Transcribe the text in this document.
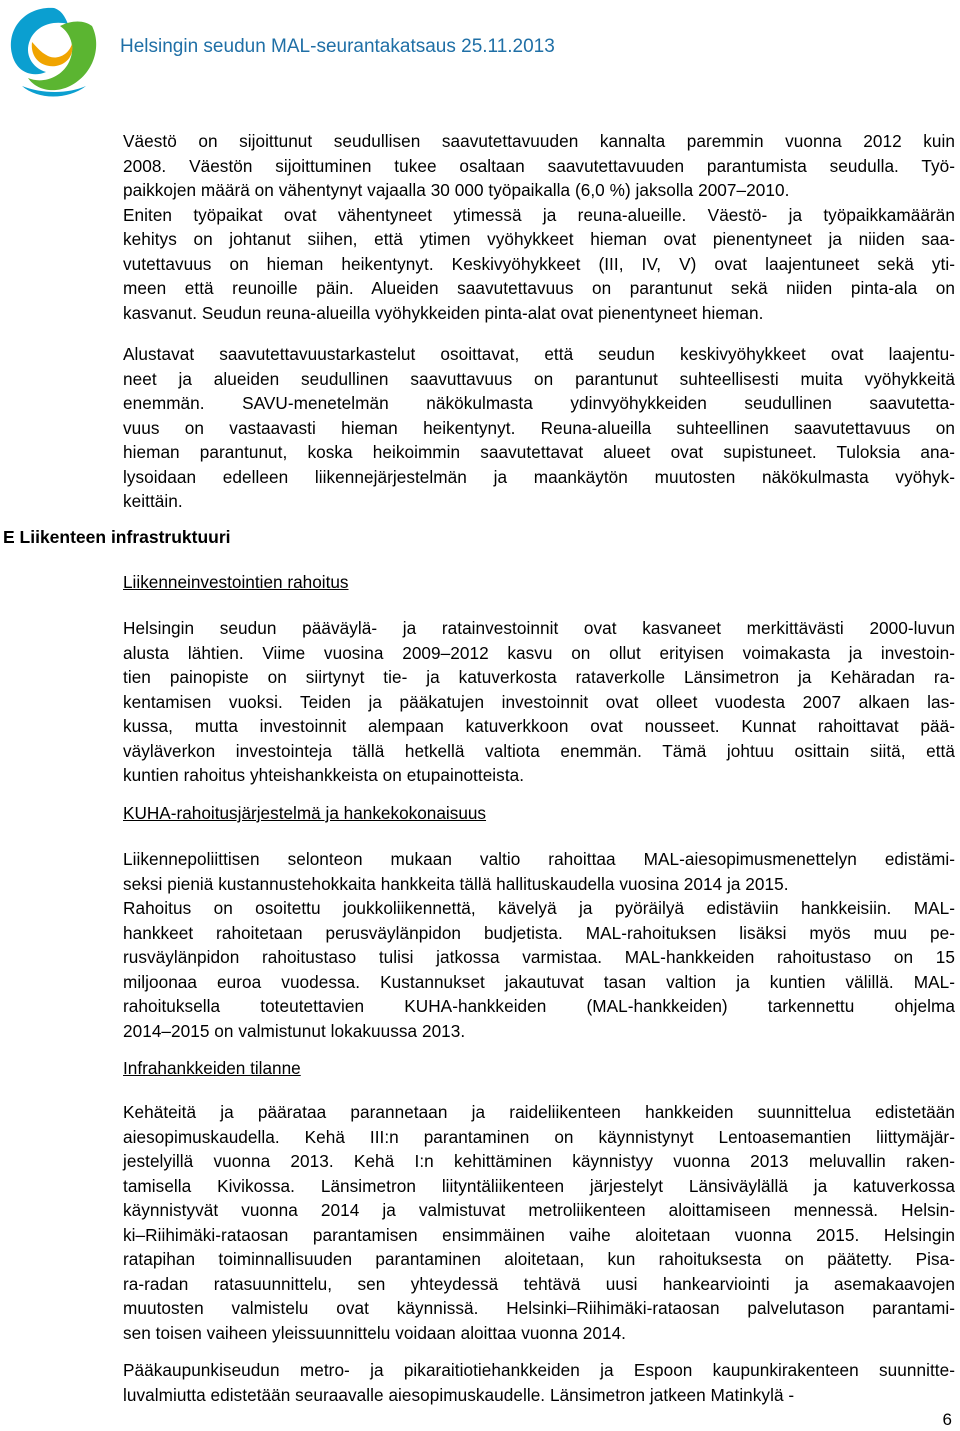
Helsingin seudun MAL-seurantakatsaus 25.11.2013
Väestö on sijoittunut seudullisen saavutettavuuden kannalta paremmin vuonna 2012 kuin
2008. Väestön sijoittuminen tukee osaltaan saavutettavuuden parantumista seudulla. Työ-
paikkojen määrä on vähentynyt vajaalla 30 000 työpaikalla (6,0 %) jaksolla 2007–2010.
Eniten työpaikat ovat vähentyneet ytimessä ja reuna-alueille. Väestö- ja työpaikkamäärän
kehitys on johtanut siihen, että ytimen vyöhykkeet hieman ovat pienentyneet ja niiden saa-
vutettavuus on hieman heikentynyt. Keskivyöhykkeet (III, IV, V) ovat laajentuneet sekä yti-
meen että reunoille päin. Alueiden saavutettavuus on parantunut sekä niiden pinta-ala on
kasvanut. Seudun reuna-alueilla vyöhykkeiden pinta-alat ovat pienentyneet hieman.
Alustavat saavutettavuustarkastelut osoittavat, että seudun keskivyöhykkeet ovat laajentu-
neet ja alueiden seudullinen saavuttavuus on parantunut suhteellisesti muita vyöhykkeitä
enemmän. SAVU-menetelmän näkökulmasta ydinvyöhykkeiden seudullinen saavutetta-
vuus on vastaavasti hieman heikentynyt. Reuna-alueilla suhteellinen saavutettavuus on
hieman parantunut, koska heikoimmin saavutettavat alueet ovat supistuneet. Tuloksia ana-
lysoidaan edelleen liikennejärjestelmän ja maankäytön muutosten näkökulmasta vyöhyk-
keittäin.
E Liikenteen infrastruktuuri
Liikenneinvestointien rahoitus
Helsingin seudun pääväylä- ja ratainvestoinnit ovat kasvaneet merkittävästi 2000-luvun
alusta lähtien. Viime vuosina 2009–2012 kasvu on ollut erityisen voimakasta ja investoin-
tien painopiste on siirtynyt tie- ja katuverkosta rataverkolle Länsimetron ja Kehäradan ra-
kentamisen vuoksi. Teiden ja pääkatujen investoinnit ovat olleet vuodesta 2007 alkaen las-
kussa, mutta investoinnit alempaan katuverkkoon ovat nousseet. Kunnat rahoittavat pää-
väyläverkon investointeja tällä hetkellä valtiota enemmän. Tämä johtuu osittain siitä, että
kuntien rahoitus yhteishankkeista on etupainotteista.
KUHA-rahoitusjärjestelmä ja hankekokonaisuus
Liikennepoliittisen selonteon mukaan valtio rahoittaa MAL-aiesopimusmenettelyn edistämi-
seksi pieniä kustannustehokkaita hankkeita tällä hallituskaudella vuosina 2014 ja 2015.
Rahoitus on osoitettu joukkoliikennettä, kävelyä ja pyöräilyä edistäviin hankkeisiin. MAL-
hankkeet rahoitetaan perusväylänpidon budjetista. MAL-rahoituksen lisäksi myös muu pe-
rusväylänpidon rahoitustaso tulisi jatkossa varmistaa. MAL-hankkeiden rahoitustaso on 15
miljoonaa euroa vuodessa. Kustannukset jakautuvat tasan valtion ja kuntien välillä. MAL-
rahoituksella toteutettavien KUHA-hankkeiden (MAL-hankkeiden) tarkennettu ohjelma
2014–2015 on valmistunut lokakuussa 2013.
Infrahankkeiden tilanne
Kehäteitä ja päärataa parannetaan ja raideliikenteen hankkeiden suunnittelua edistetään
aiesopimuskaudella. Kehä III:n parantaminen on käynnistynyt Lentoasemantien liittymäjär-
jestelyillä vuonna 2013. Kehä I:n kehittäminen käynnistyy vuonna 2013 meluvallin raken-
tamisella Kivikossa. Länsimetron liityntäliikenteen järjestelyt Länsiväylällä ja katuverkossa
käynnistyvät vuonna 2014 ja valmistuvat metroliikenteen aloittamiseen mennessä. Helsin-
ki–Riihimäki-rataosan parantamisen ensimmäinen vaihe aloitetaan vuonna 2015. Helsingin
ratapihan toiminnallisuuden parantaminen aloitetaan, kun rahoituksesta on päätetty. Pisa-
ra-radan ratasuunnittelu, sen yhteydessä tehtävä uusi hankearviointi ja asemakaavojen
muutosten valmistelu ovat käynnissä. Helsinki–Riihimäki-rataosan palvelutason parantami-
sen toisen vaiheen yleissuunnittelu voidaan aloittaa vuonna 2014.
Pääkaupunkiseudun metro- ja pikaraitiotiehankkeiden ja Espoon kaupunkirakenteen suunnitte-
luvalmiutta edistetään seuraavalle aiesopimuskaudelle. Länsimetron jatkeen Matinkylä -
6
